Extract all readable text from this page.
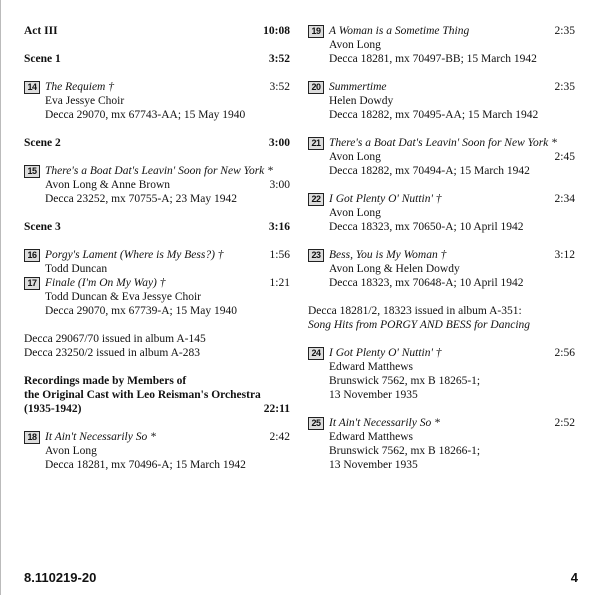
Act III	10:08
Scene 1	3:52
14 The Requiem †	3:52
Eva Jessye Choir
Decca 29070, mx 67743-AA; 15 May 1940
Scene 2	3:00
15 There's a Boat Dat's Leavin' Soon for New York *
Avon Long & Anne Brown	3:00
Decca 23252, mx 70755-A; 23 May 1942
Scene 3	3:16
16 Porgy's Lament (Where is My Bess?) †	1:56
Todd Duncan
17 Finale (I'm On My Way) †	1:21
Todd Duncan & Eva Jessye Choir
Decca 29070, mx 67739-A; 15 May 1940
Decca 29067/70 issued in album A-145
Decca 23250/2 issued in album A-283
Recordings made by Members of
the Original Cast with Leo Reisman's Orchestra
(1935-1942)	22:11
18 It Ain't Necessarily So *	2:42
Avon Long
Decca 18281, mx 70496-A; 15 March 1942
19 A Woman is a Sometime Thing	2:35
Avon Long
Decca 18281, mx 70497-BB; 15 March 1942
20 Summertime	2:35
Helen Dowdy
Decca 18282, mx 70495-AA; 15 March 1942
21 There's a Boat Dat's Leavin' Soon for New York *
Avon Long	2:45
Decca 18282, mx 70494-A; 15 March 1942
22 I Got Plenty O' Nuttin' †	2:34
Avon Long
Decca 18323, mx 70650-A; 10 April 1942
23 Bess, You is My Woman †	3:12
Avon Long & Helen Dowdy
Decca 18323, mx 70648-A; 10 April 1942
Decca 18281/2, 18323 issued in album A-351:
Song Hits from PORGY AND BESS for Dancing
24 I Got Plenty O' Nuttin' †	2:56
Edward Matthews
Brunswick 7562, mx B 18265-1;
13 November 1935
25 It Ain't Necessarily So *	2:52
Edward Matthews
Brunswick 7562, mx B 18266-1;
13 November 1935
8.110219-20	4
